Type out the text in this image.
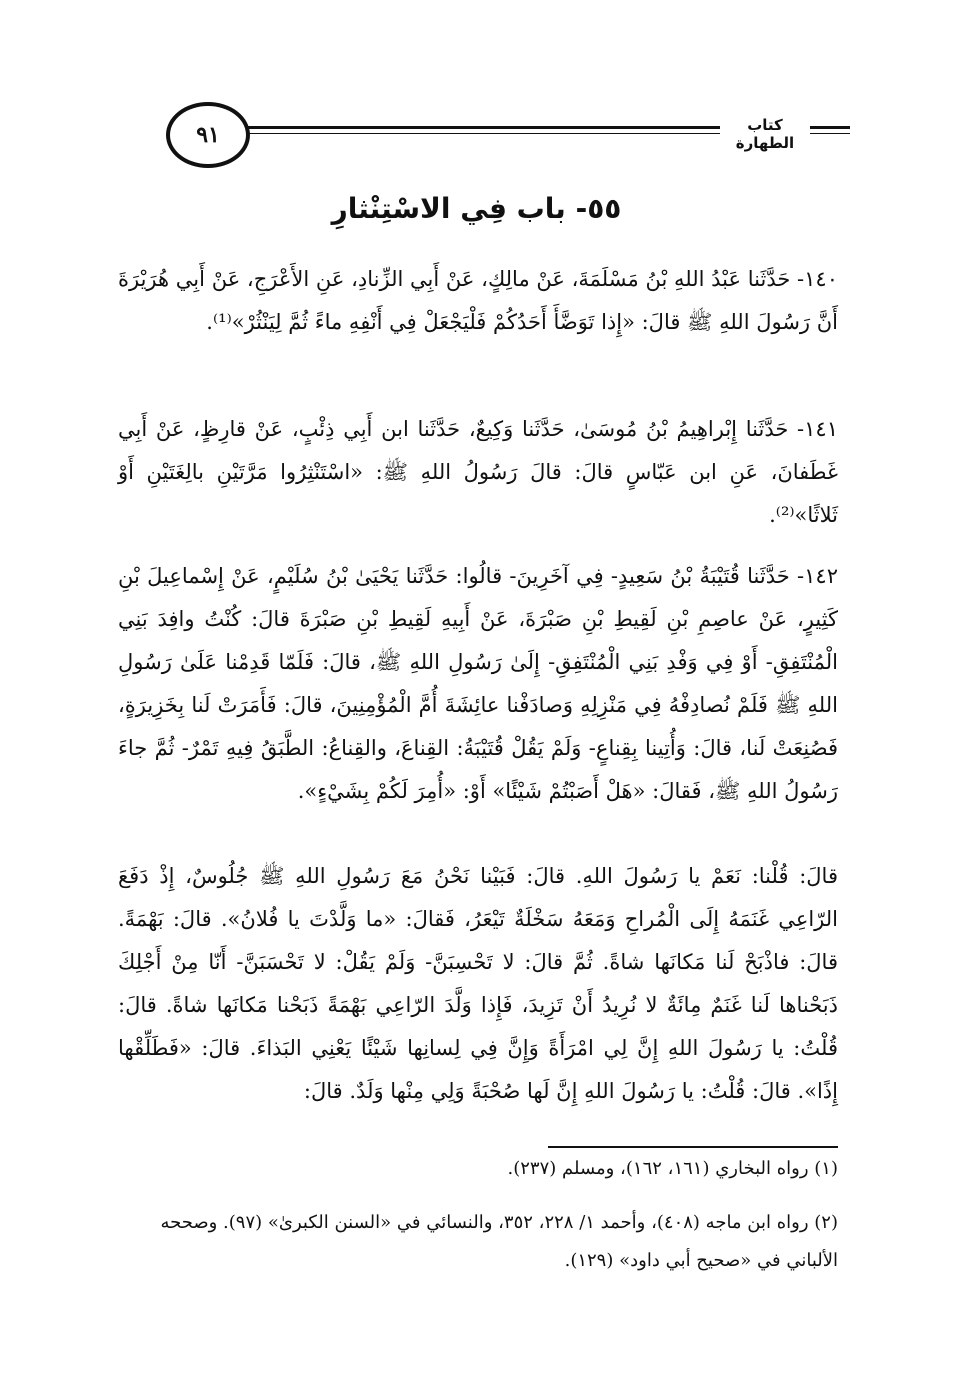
٩١	كتاب الطهارة
٥٥- باب فِي الاسْتِنْثارِ
١٤٠- حَدَّثَنا عَبْدُ اللهِ بْنُ مَسْلَمَةَ، عَنْ مالِكٍ، عَنْ أَبِي الزِّنادِ، عَنِ الأَعْرَجِ، عَنْ أَبِي هُرَيْرَةَ أَنَّ رَسُولَ اللهِ ﷺ قالَ: «إِذا تَوَضَّأَ أَحَدُكُمْ فَلْيَجْعَلْ فِي أَنْفِهِ ماءً ثُمَّ لِيَنْثُرْ»⁽¹⁾.
١٤١- حَدَّثَنا إِبْراهِيمُ بْنُ مُوسَىٰ، حَدَّثَنا وَكِيعٌ، حَدَّثَنا ابن أَبِي ذِئْبٍ، عَنْ قارِظٍ، عَنْ أَبِي غَطَفانَ، عَنِ ابن عَبّاسٍ قالَ: قالَ رَسُولُ اللهِ ﷺ: «اسْتَنْثِرُوا مَرَّتَيْنِ بالِغَتَيْنِ أَوْ ثَلاثًا»⁽²⁾.
١٤٢- حَدَّثَنا قُتَيْبَةُ بْنُ سَعِيدٍ- فِي آخَرِينَ- قالُوا: حَدَّثَنا يَحْيَىٰ بْنُ سُلَيْمٍ، عَنْ إِسْماعِيلَ بْنِ كَثِيرٍ، عَنْ عاصِمِ بْنِ لَقِيطِ بْنِ صَبْرَةَ، عَنْ أَبِيهِ لَقِيطِ بْنِ صَبْرَةَ قالَ: كُنْتُ وافِدَ بَنِي الْمُنْتَفِقِ- أَوْ فِي وَفْدِ بَنِي الْمُنْتَفِقِ- إِلَىٰ رَسُولِ اللهِ ﷺ، قالَ: فَلَمّا قَدِمْنا عَلَىٰ رَسُولِ اللهِ ﷺ فَلَمْ نُصادِفْهُ فِي مَنْزِلِهِ وَصادَفْنا عائِشَةَ أُمَّ الْمُؤْمِنِينَ، قالَ: فَأَمَرَتْ لَنا بِخَزِيرَةٍ، فَصُنِعَتْ لَنا، قالَ: وَأُتِينا بِقِناعٍ- وَلَمْ يَقُلْ قُتَيْبَةُ: القِناعَ، والقِناعُ: الطَّبَقُ فِيهِ تَمْرٌ- ثُمَّ جاءَ رَسُولُ اللهِ ﷺ، فَقالَ: «هَلْ أَصَبْتُمْ شَيْئًا» أَوْ: «أُمِرَ لَكُمْ بِشَيْءٍ».
قالَ: قُلْنا: نَعَمْ يا رَسُولَ اللهِ. قالَ: فَبَيْنا نَحْنُ مَعَ رَسُولِ اللهِ ﷺ جُلُوسٌ، إِذْ دَفَعَ الرّاعِي غَنَمَهُ إِلَى الْمُراحِ وَمَعَهُ سَخْلَةٌ تَيْعَرُ، فَقالَ: «ما وَلَّدْتَ يا فُلانُ». قالَ: بَهْمَةً. قالَ: فاذْبَحْ لَنا مَكانَها شاةً. ثُمَّ قالَ: لا تَحْسِبَنَّ- وَلَمْ يَقُلْ: لا تَحْسَبَنَّ- أَنّا مِنْ أَجْلِكَ ذَبَحْناها لَنا غَنَمٌ مِائَةٌ لا نُرِيدُ أَنْ تَزِيدَ، فَإِذا وَلَّدَ الرّاعِي بَهْمَةً ذَبَحْنا مَكانَها شاةً. قالَ: قُلْتُ: يا رَسُولَ اللهِ إِنَّ لِي امْرَأَةً وَإِنَّ فِي لِسانِها شَيْئًا يَعْنِي البَذاءَ. قالَ: «فَطَلِّقْها إِذًا». قالَ: قُلْتُ: يا رَسُولَ اللهِ إِنَّ لَها صُحْبَةً وَلِي مِنْها وَلَدٌ. قالَ:
(١) رواه البخاري (١٦١، ١٦٢)، ومسلم (٢٣٧).
(٢) رواه ابن ماجه (٤٠٨)، وأحمد ١/ ٢٢٨، ٣٥٢، والنسائي في «السنن الكبرىٰ» (٩٧). وصححه الألباني في «صحيح أبي داود» (١٢٩).
